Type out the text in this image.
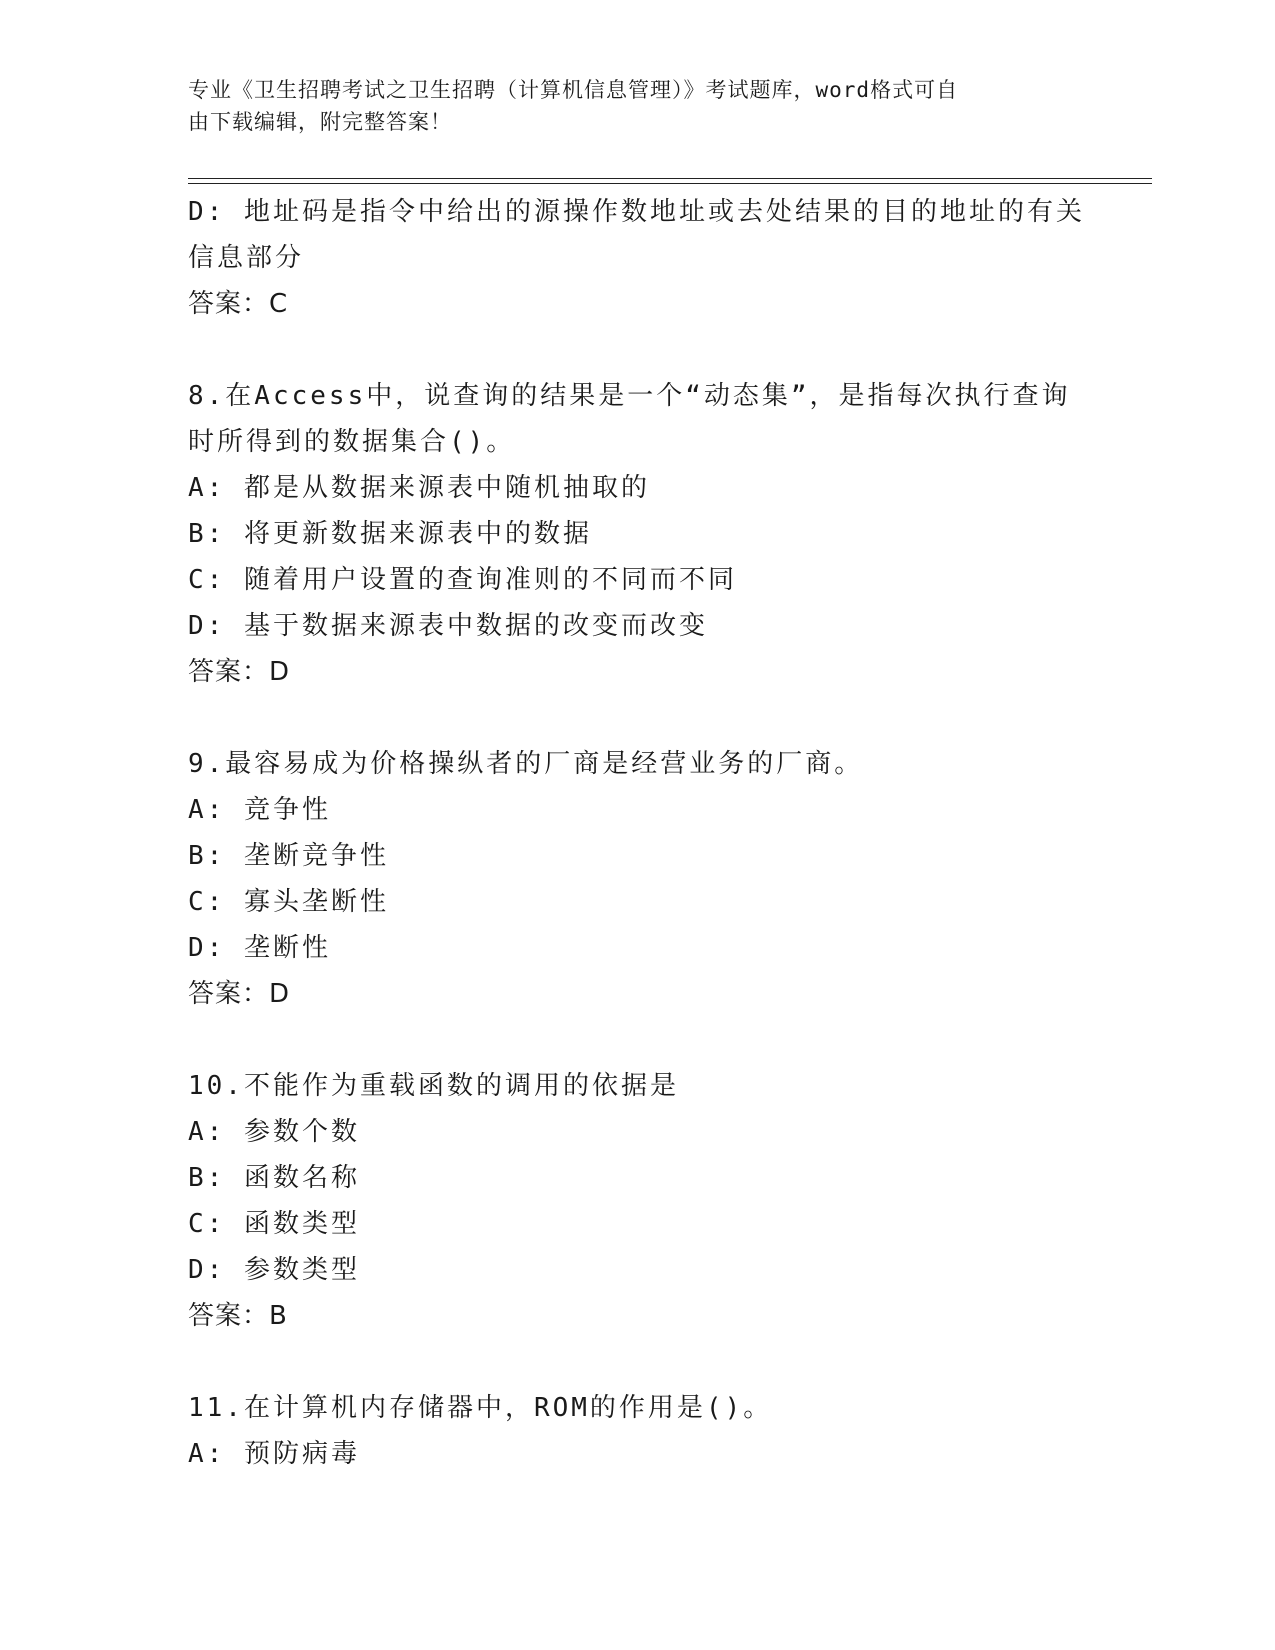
专业《卫生招聘考试之卫生招聘（计算机信息管理）》考试题库，word格式可自
由下载编辑，附完整答案！
D: 地址码是指令中给出的源操作数地址或去处结果的目的地址的有关
信息部分
答案：C
8.在Access中，说查询的结果是一个“动态集”，是指每次执行查询
时所得到的数据集合()。
A: 都是从数据来源表中随机抽取的
B: 将更新数据来源表中的数据
C: 随着用户设置的查询准则的不同而不同
D: 基于数据来源表中数据的改变而改变
答案：D
9.最容易成为价格操纵者的厂商是经营业务的厂商。
A: 竞争性
B: 垄断竞争性
C: 寡头垄断性
D: 垄断性
答案：D
10.不能作为重载函数的调用的依据是
A: 参数个数
B: 函数名称
C: 函数类型
D: 参数类型
答案：B
11.在计算机内存储器中，ROM的作用是()。
A: 预防病毒
